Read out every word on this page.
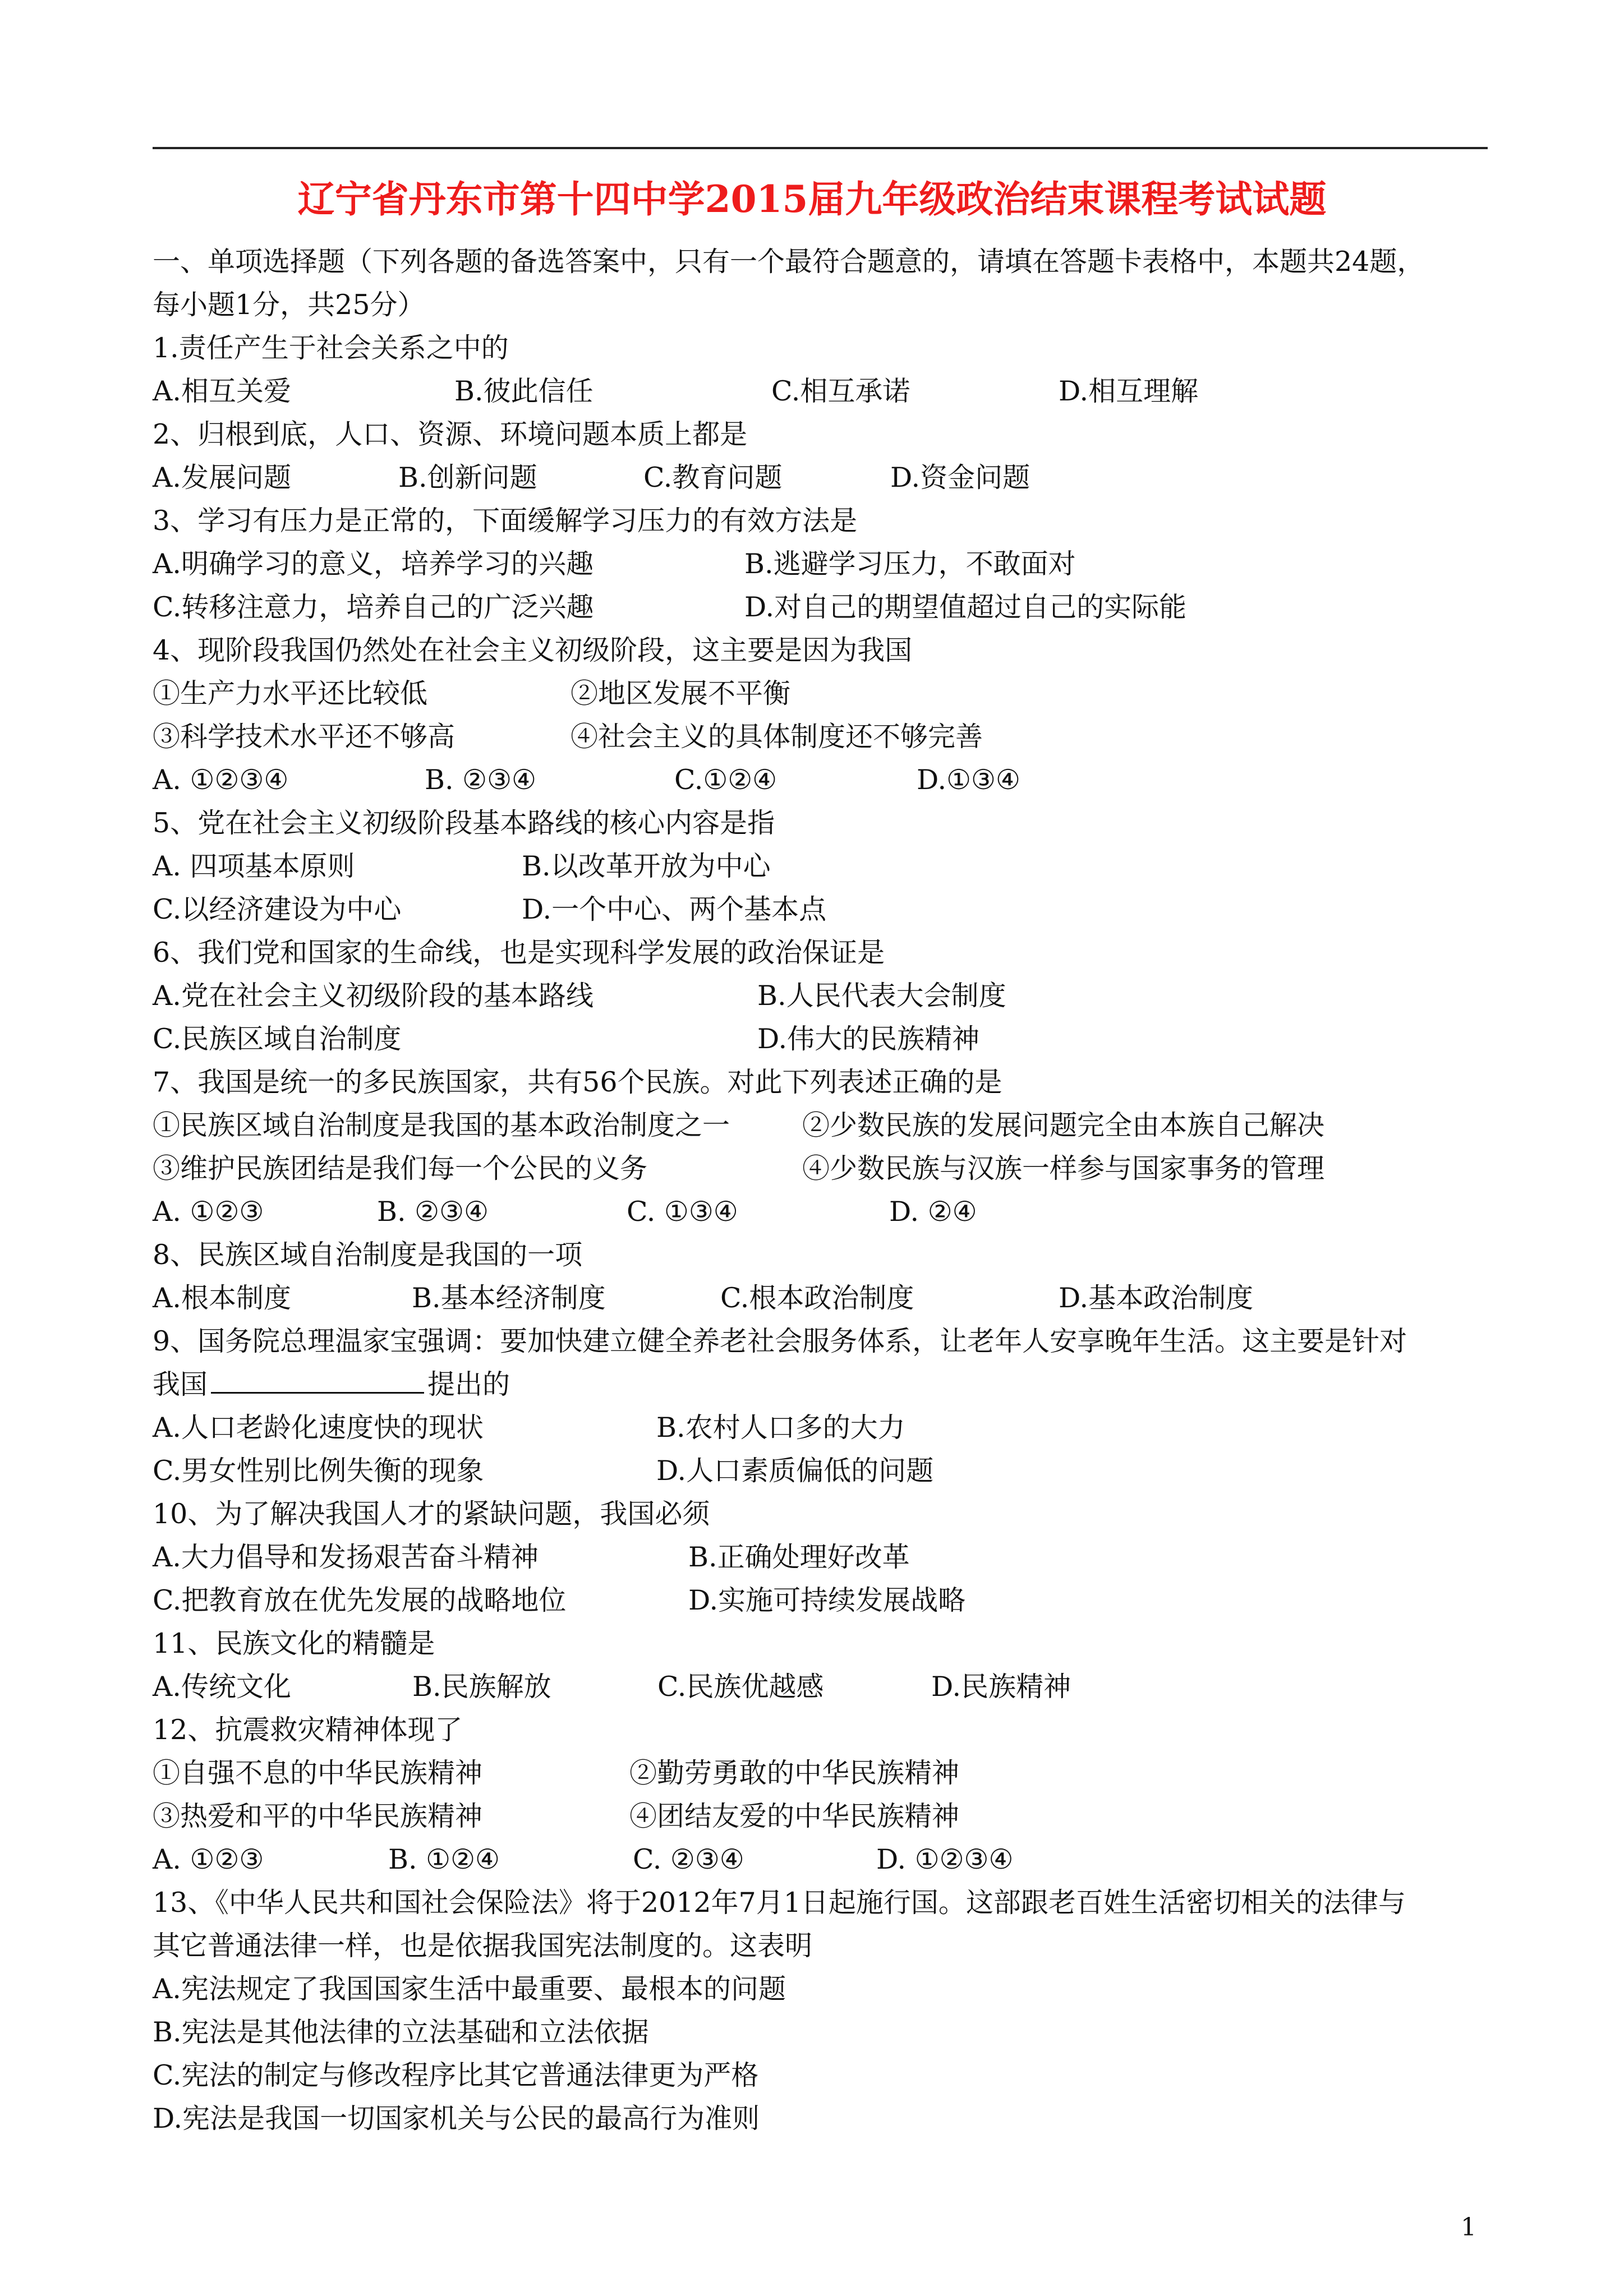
辽宁省丹东市第十四中学2015届九年级政治结束课程考试试题
一、单项选择题（下列各题的备选答案中，只有一个最符合题意的，请填在答题卡表格中，本题共24题，
每小题1分，共25分）
1.责任产生于社会关系之中的
A.相互关爱	B.彼此信任	C.相互承诺	D.相互理解
2、归根到底，人口、资源、环境问题本质上都是
A.发展问题	B.创新问题	C.教育问题	D.资金问题
3、学习有压力是正常的，下面缓解学习压力的有效方法是
A.明确学习的意义，培养学习的兴趣	B.逃避学习压力，不敢面对
C.转移注意力，培养自己的广泛兴趣	D.对自己的期望值超过自己的实际能
4、现阶段我国仍然处在社会主义初级阶段，这主要是因为我国
①生产力水平还比较低	②地区发展不平衡
③科学技术水平还不够高	④社会主义的具体制度还不够完善
A. ①②③④	B. ②③④	C.①②④	D.①③④
5、党在社会主义初级阶段基本路线的核心内容是指
A. 四项基本原则	B.以改革开放为中心
C.以经济建设为中心	D.一个中心、两个基本点
6、我们党和国家的生命线，也是实现科学发展的政治保证是
A.党在社会主义初级阶段的基本路线	B.人民代表大会制度
C.民族区域自治制度	D.伟大的民族精神
7、我国是统一的多民族国家，共有56个民族。对此下列表述正确的是
①民族区域自治制度是我国的基本政治制度之一	②少数民族的发展问题完全由本族自己解决
③维护民族团结是我们每一个公民的义务	④少数民族与汉族一样参与国家事务的管理
A. ①②③	B. ②③④	C. ①③④	D. ②④
8、民族区域自治制度是我国的一项
A.根本制度	B.基本经济制度	C.根本政治制度	D.基本政治制度
9、国务院总理温家宝强调：要加快建立健全养老社会服务体系，让老年人安享晚年生活。这主要是针对
我国	提出的
A.人口老龄化速度快的现状	B.农村人口多的大力
C.男女性别比例失衡的现象	D.人口素质偏低的问题
10、为了解决我国人才的紧缺问题，我国必须
A.大力倡导和发扬艰苦奋斗精神	B.正确处理好改革
C.把教育放在优先发展的战略地位	D.实施可持续发展战略
11、民族文化的精髓是
A.传统文化	B.民族解放	C.民族优越感	D.民族精神
12、抗震救灾精神体现了
①自强不息的中华民族精神	②勤劳勇敢的中华民族精神
③热爱和平的中华民族精神	④团结友爱的中华民族精神
A. ①②③	B. ①②④	C. ②③④	D. ①②③④
13、《中华人民共和国社会保险法》将于2012年7月1日起施行国。这部跟老百姓生活密切相关的法律与
其它普通法律一样，也是依据我国宪法制度的。这表明
A.宪法规定了我国国家生活中最重要、最根本的问题
B.宪法是其他法律的立法基础和立法依据
C.宪法的制定与修改程序比其它普通法律更为严格
D.宪法是我国一切国家机关与公民的最高行为准则
1
